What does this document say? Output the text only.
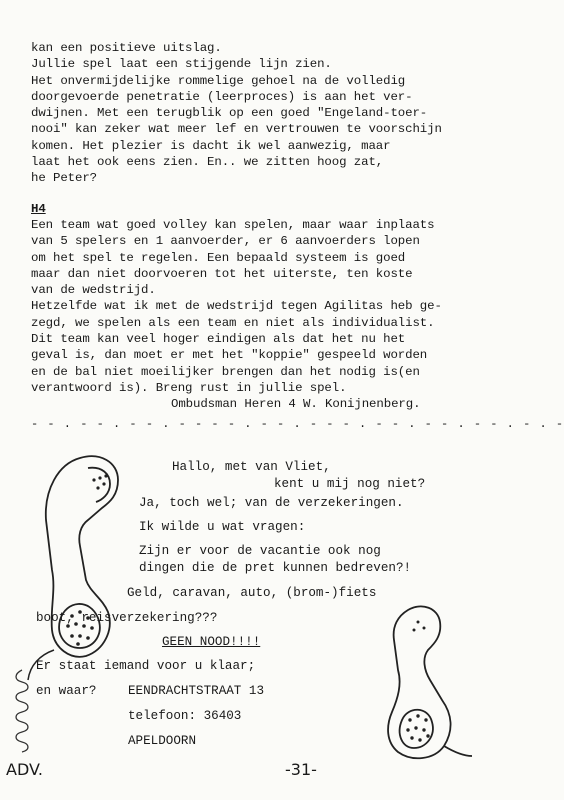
kan een positieve uitslag.
Jullie spel laat een stijgende lijn zien.
Het onvermijdelijke rommelige gehoel na de volledig
doorgevoerde penetratie (leerproces) is aan het ver-
dwijnen. Met een terugblik op een goed "Engeland-toer-
nooi" kan zeker wat meer lef en vertrouwen te voorschijn
komen. Het plezier is dacht ik wel aanwezig, maar
laat het ook eens zien. En.. we zitten hoog zat,
he Peter?
H4
Een team wat goed volley kan spelen, maar waar inplaats
van 5 spelers en 1 aanvoerder, er 6 aanvoerders lopen
om het spel te regelen. Een bepaald systeem is goed
maar dan niet doorvoeren tot het uiterste, ten koste
van de wedstrijd.
Hetzelfde wat ik met de wedstrijd tegen Agilitas heb ge-
zegd, we spelen als een team en niet als individualist.
Dit team kan veel hoger eindigen als dat het nu het
geval is, dan moet er met het "koppie" gespeeld worden
en de bal niet moeilijker brengen dan het nodig is(en
verantwoord is). Breng rust in jullie spel.
Ombudsman Heren 4 W. Konijnenberg.
- - . - - . - - . - - - - . - - . - - - . - - . - - . - - . - . -
Hallo, met van Vliet,
kent u mij nog niet?
Ja, toch wel; van de verzekeringen.
Ik wilde u wat vragen:
Zijn er voor de vacantie ook nog
dingen die de pret kunnen bedreven?!
Geld, caravan, auto, (brom-)fiets
boot, reisverzekering???
GEEN NOOD!!!!
Er staat iemand voor u klaar;
en waar?	EENDRACHTSTRAAT 13
telefoon: 36403
APELDOORN
ADV.	-31-
